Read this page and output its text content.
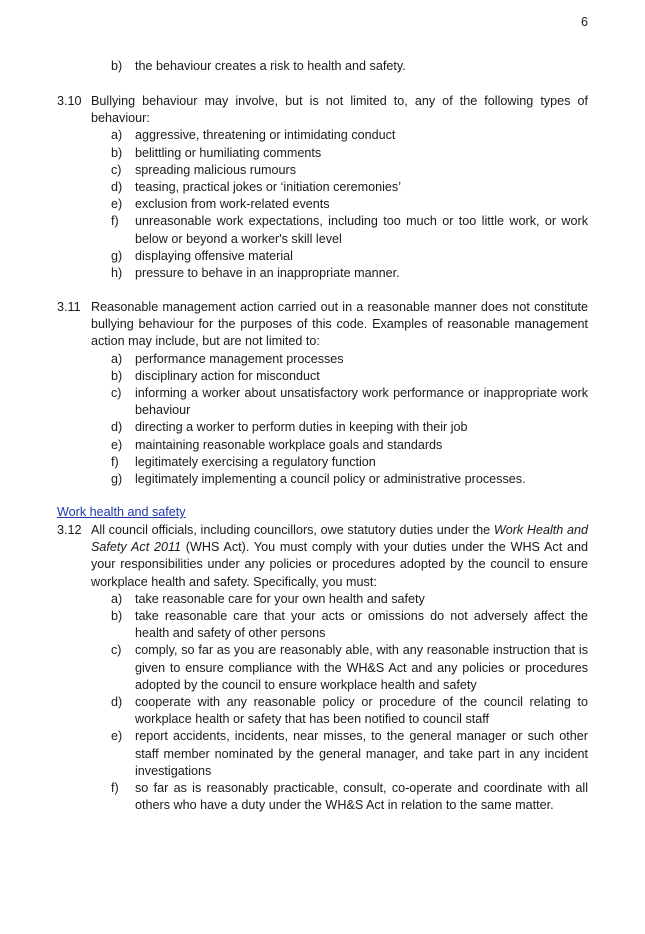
6
b)	the behaviour creates a risk to health and safety.
3.10 Bullying behaviour may involve, but is not limited to, any of the following types of behaviour:
a)	aggressive, threatening or intimidating conduct
b)	belittling or humiliating comments
c)	spreading malicious rumours
d)	teasing, practical jokes or ‘initiation ceremonies’
e)	exclusion from work-related events
f)	unreasonable work expectations, including too much or too little work, or work below or beyond a worker's skill level
g)	displaying offensive material
h)	pressure to behave in an inappropriate manner.
3.11 Reasonable management action carried out in a reasonable manner does not constitute bullying behaviour for the purposes of this code. Examples of reasonable management action may include, but are not limited to:
a)	performance management processes
b)	disciplinary action for misconduct
c)	informing a worker about unsatisfactory work performance or inappropriate work behaviour
d)	directing a worker to perform duties in keeping with their job
e)	maintaining reasonable workplace goals and standards
f)	legitimately exercising a regulatory function
g)	legitimately implementing a council policy or administrative processes.
Work health and safety
3.12 All council officials, including councillors, owe statutory duties under the Work Health and Safety Act 2011 (WHS Act). You must comply with your duties under the WHS Act and your responsibilities under any policies or procedures adopted by the council to ensure workplace health and safety. Specifically, you must:
a)	take reasonable care for your own health and safety
b)	take reasonable care that your acts or omissions do not adversely affect the health and safety of other persons
c)	comply, so far as you are reasonably able, with any reasonable instruction that is given to ensure compliance with the WH&S Act and any policies or procedures adopted by the council to ensure workplace health and safety
d)	cooperate with any reasonable policy or procedure of the council relating to workplace health or safety that has been notified to council staff
e)	report accidents, incidents, near misses, to the general manager or such other staff member nominated by the general manager, and take part in any incident investigations
f)	so far as is reasonably practicable, consult, co-operate and coordinate with all others who have a duty under the WH&S Act in relation to the same matter.
